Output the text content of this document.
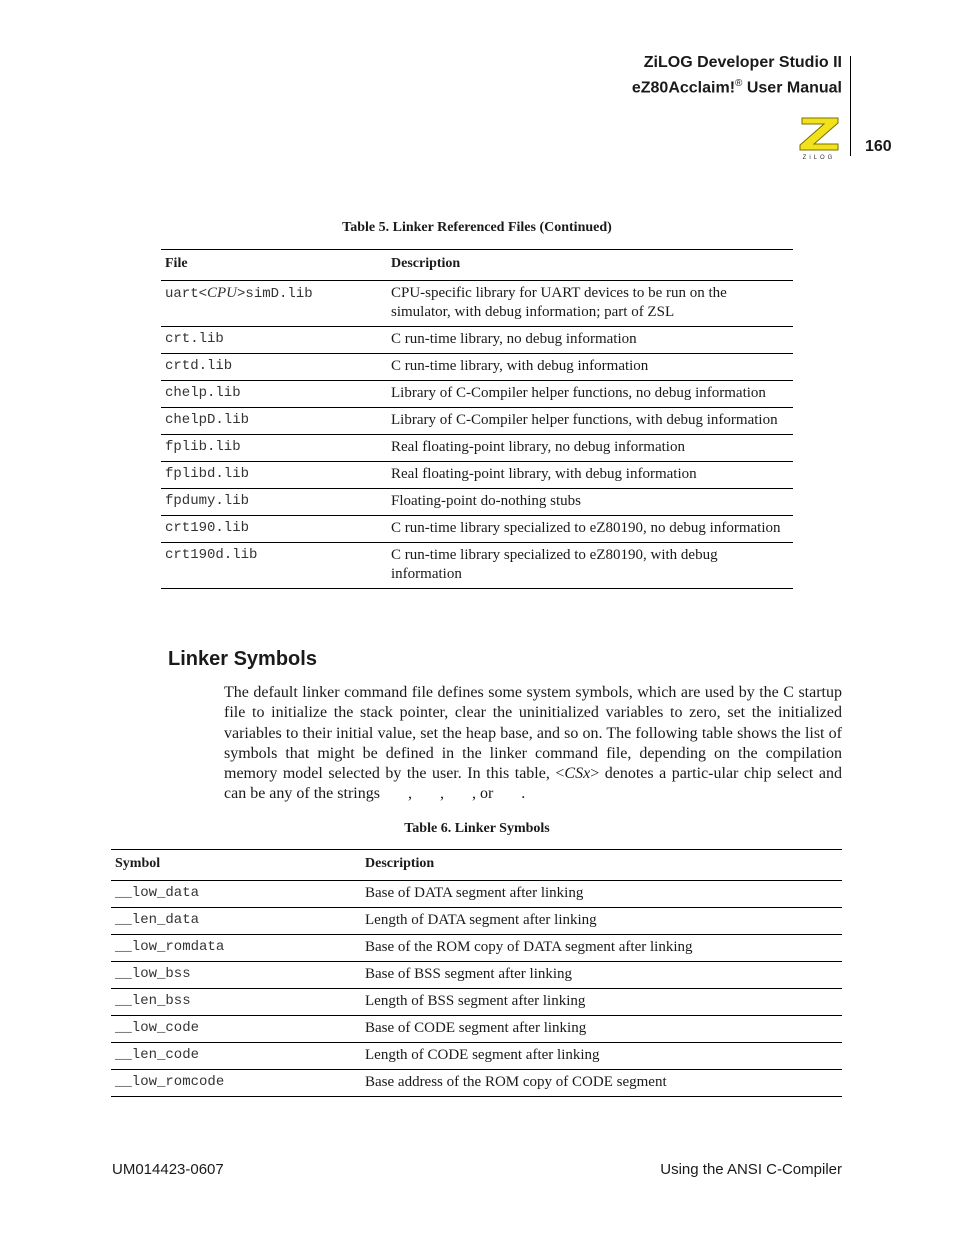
ZiLOG Developer Studio II
eZ80Acclaim!® User Manual
ZiLOG
160
Table 5. Linker Referenced Files (Continued)
File	Description
uart<CPU>simD.lib	CPU-specific library for UART devices to be run on the simulator, with debug information; part of ZSL
crt.lib	C run-time library, no debug information
crtd.lib	C run-time library, with debug information
chelp.lib	Library of C-Compiler helper functions, no debug information
chelpD.lib	Library of C-Compiler helper functions, with debug information
fplib.lib	Real floating-point library, no debug information
fplibd.lib	Real floating-point library, with debug information
fpdumy.lib	Floating-point do-nothing stubs
crt190.lib	C run-time library specialized to eZ80190, no debug information
crt190d.lib	C run-time library specialized to eZ80190, with debug information
Linker Symbols
The default linker command file defines some system symbols, which are used by the C startup file to initialize the stack pointer, clear the uninitialized variables to zero, set the initialized variables to their initial value, set the heap base, and so on. The following table shows the list of symbols that might be defined in the linker command file, depending on the compilation memory model selected by the user. In this table, <CSx> denotes a partic-ular chip select and can be any of the strings       ,       ,       , or       .
Table 6. Linker Symbols
Symbol	Description
__low_data	Base of DATA segment after linking
__len_data	Length of DATA segment after linking
__low_romdata	Base of the ROM copy of DATA segment after linking
__low_bss	Base of BSS segment after linking
__len_bss	Length of BSS segment after linking
__low_code	Base of CODE segment after linking
__len_code	Length of CODE segment after linking
__low_romcode	Base address of the ROM copy of CODE segment
UM014423-0607	Using the ANSI C-Compiler
